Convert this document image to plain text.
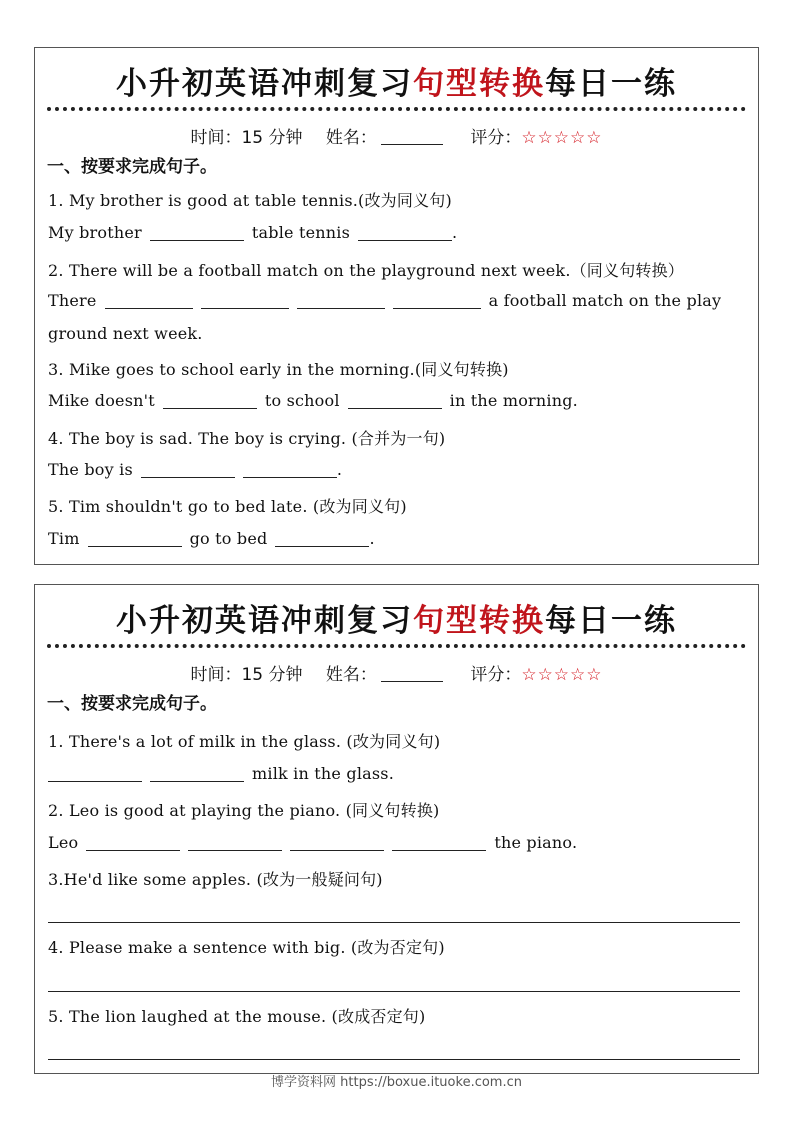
小升初英语冲刺复习句型转换每日一练
时间：15 分钟 姓名：	评分：☆☆☆☆☆
一、按要求完成句子。
1. My brother is good at table tennis.(改为同义句)
My brother	table tennis	.
2. There will be a football match on the playground next week.（同义句转换）
There	a football match on the play
ground next week.
3. Mike goes to school early in the morning.(同义句转换)
Mike doesn't	to school	in the morning.
4. The boy is sad. The boy is crying. (合并为一句)
The boy is	.
5. Tim shouldn't go to bed late. (改为同义句)
Tim	go to bed	.
小升初英语冲刺复习句型转换每日一练
时间：15 分钟 姓名：	评分：☆☆☆☆☆
一、按要求完成句子。
1. There's a lot of milk in the glass. (改为同义句)
milk in the glass.
2. Leo is good at playing the piano. (同义句转换)
Leo	the piano.
3.He'd like some apples. (改为一般疑问句)
4. Please make a sentence with big. (改为否定句)
5. The lion laughed at the mouse. (改成否定句)
博学资料网 https://boxue.ituoke.com.cn
